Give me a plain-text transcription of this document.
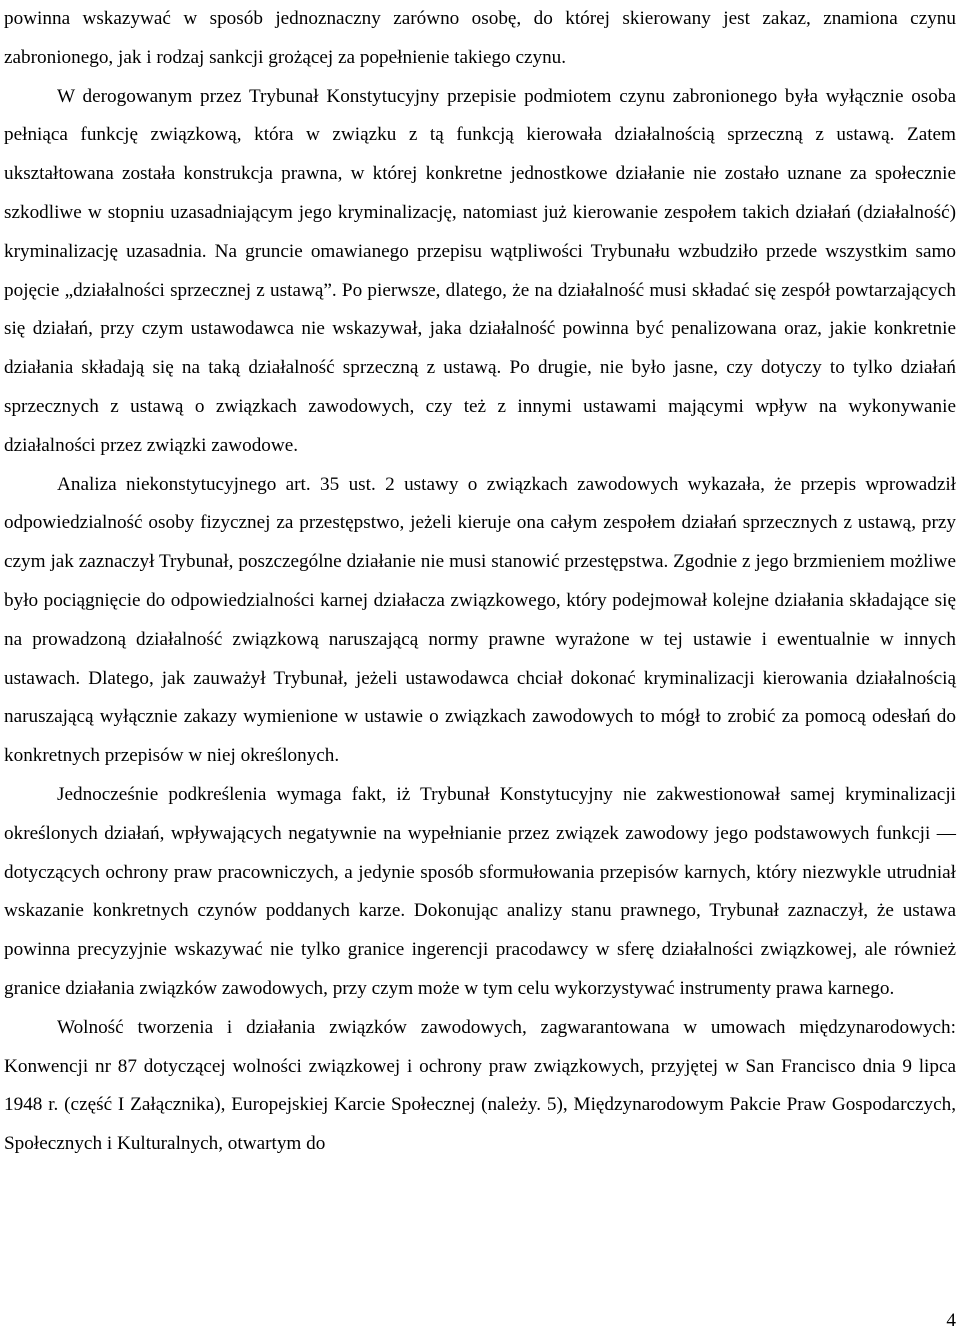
powinna wskazywać w sposób jednoznaczny zarówno osobę, do której skierowany jest zakaz, znamiona czynu zabronionego, jak i rodzaj sankcji grożącej za popełnienie takiego czynu.

W derogowanym przez Trybunał Konstytucyjny przepisie podmiotem czynu zabronionego była wyłącznie osoba pełniąca funkcję związkową, która w związku z tą funkcją kierowała działalnością sprzeczną z ustawą. Zatem ukształtowana została konstrukcja prawna, w której konkretne jednostkowe działanie nie zostało uznane za społecznie szkodliwe w stopniu uzasadniającym jego kryminalizację, natomiast już kierowanie zespołem takich działań (działalność) kryminalizację uzasadnia. Na gruncie omawianego przepisu wątpliwości Trybunału wzbudziło przede wszystkim samo pojęcie „działalności sprzecznej z ustawą”. Po pierwsze, dlatego, że na działalność musi składać się zespół powtarzających się działań, przy czym ustawodawca nie wskazywał, jaka działalność powinna być penalizowana oraz, jakie konkretnie działania składają się na taką działalność sprzeczną z ustawą. Po drugie, nie było jasne, czy dotyczy to tylko działań sprzecznych z ustawą o związkach zawodowych, czy też z innymi ustawami mającymi wpływ na wykonywanie działalności przez związki zawodowe.

Analiza niekonstytucyjnego art. 35 ust. 2 ustawy o związkach zawodowych wykazała, że przepis wprowadził odpowiedzialność osoby fizycznej za przestępstwo, jeżeli kieruje ona całym zespołem działań sprzecznych z ustawą, przy czym jak zaznaczył Trybunał, poszczególne działanie nie musi stanowić przestępstwa. Zgodnie z jego brzmieniem możliwe było pociągnięcie do odpowiedzialności karnej działacza związkowego, który podejmował kolejne działania składające się na prowadzoną działalność związkową naruszającą normy prawne wyrażone w tej ustawie i ewentualnie w innych ustawach. Dlatego, jak zauważył Trybunał, jeżeli ustawodawca chciał dokonać kryminalizacji kierowania działalnością naruszającą wyłącznie zakazy wymienione w ustawie o związkach zawodowych to mógł to zrobić za pomocą odesłań do konkretnych przepisów w niej określonych.

Jednocześnie podkreślenia wymaga fakt, iż Trybunał Konstytucyjny nie zakwestionował samej kryminalizacji określonych działań, wpływających negatywnie na wypełnianie przez związek zawodowy jego podstawowych funkcji — dotyczących ochrony praw pracowniczych, a jedynie sposób sformułowania przepisów karnych, który niezwykle utrudniał wskazanie konkretnych czynów poddanych karze. Dokonując analizy stanu prawnego, Trybunał zaznaczył, że ustawa powinna precyzyjnie wskazywać nie tylko granice ingerencji pracodawcy w sferę działalności związkowej, ale również granice działania związków zawodowych, przy czym może w tym celu wykorzystywać instrumenty prawa karnego.

Wolność tworzenia i działania związków zawodowych, zagwarantowana w umowach międzynarodowych: Konwencji nr 87 dotyczącej wolności związkowej i ochrony praw związkowych, przyjętej w San Francisco dnia 9 lipca 1948 r. (część I Załącznika), Europejskiej Karcie Społecznej (należy. 5), Międzynarodowym Pakcie Praw Gospodarczych, Społecznych i Kulturalnych, otwartym do

4
